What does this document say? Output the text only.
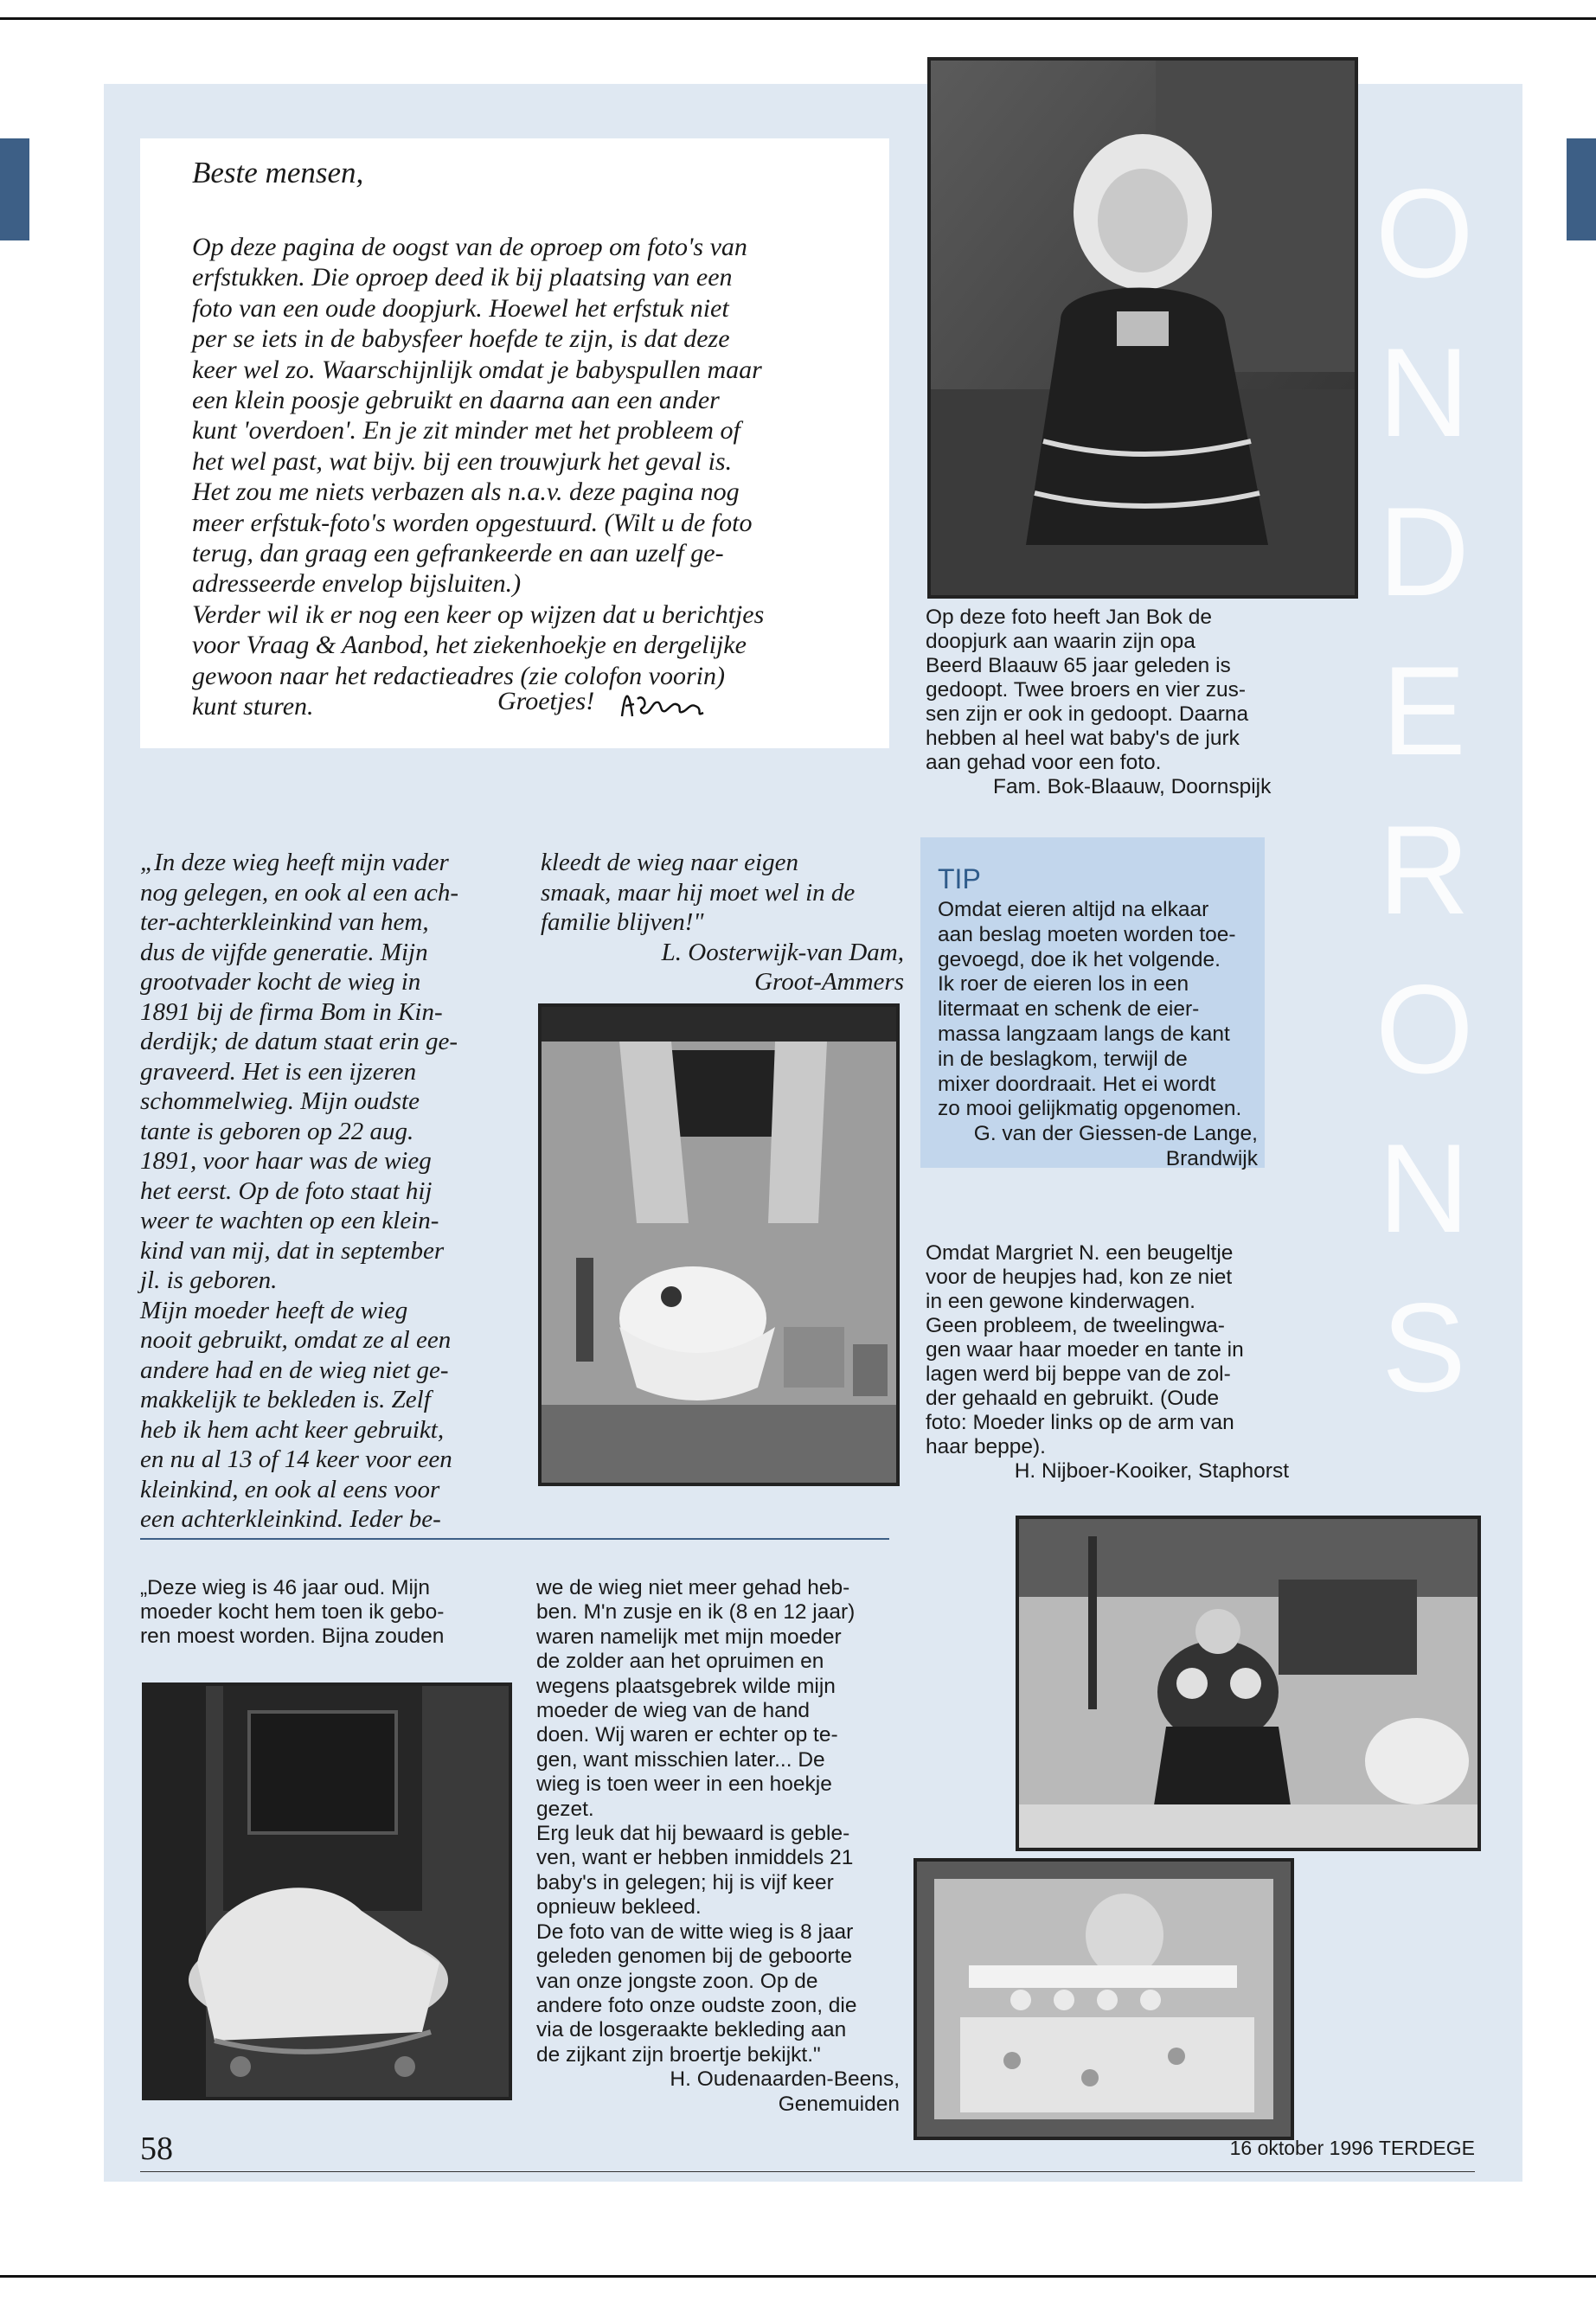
O
N
D
E
R
O
N
S
Beste mensen,

Op deze pagina de oogst van de oproep om foto's van
erfstukken. Die oproep deed ik bij plaatsing van een
foto van een oude doopjurk. Hoewel het erfstuk niet
per se iets in de babysfeer hoefde te zijn, is dat deze
keer wel zo. Waarschijnlijk omdat je babyspullen maar
een klein poosje gebruikt en daarna aan een ander
kunt 'overdoen'. En je zit minder met het probleem of
het wel past, wat bijv. bij een trouwjurk het geval is.
Het zou me niets verbazen als n.a.v. deze pagina nog
meer erfstuk-foto's worden opgestuurd. (Wilt u de foto
terug, dan graag een gefrankeerde en aan uzelf ge-
adresseerde envelop bijsluiten.)
Verder wil ik er nog een keer op wijzen dat u berichtjes
voor Vraag & Aanbod, het ziekenhoekje en dergelijke
gewoon naar het redactieadres (zie colofon voorin)
kunt sturen.	Groetjes!

Op deze foto heeft Jan Bok de
doopjurk aan waarin zijn opa
Beerd Blaauw 65 jaar geleden is
gedoopt. Twee broers en vier zus-
sen zijn er ook in gedoopt. Daarna
hebben al heel wat baby's de jurk
aan gehad voor een foto.

Fam. Bok-Blaauw, Doornspijk

„In deze wieg heeft mijn vader
nog gelegen, en ook al een ach-
ter-achterkleinkind van hem,
dus de vijfde generatie. Mijn
grootvader kocht de wieg in
1891 bij de firma Bom in Kin-
derdijk; de datum staat erin ge-
graveerd. Het is een ijzeren
schommelwieg. Mijn oudste
tante is geboren op 22 aug.
1891, voor haar was de wieg
het eerst. Op de foto staat hij
weer te wachten op een klein-
kind van mij, dat in september
jl. is geboren.
Mijn moeder heeft de wieg
nooit gebruikt, omdat ze al een
andere had en de wieg niet ge-
makkelijk te bekleden is. Zelf
heb ik hem acht keer gebruikt,
en nu al 13 of 14 keer voor een
kleinkind, en ook al eens voor
een achterkleinkind. Ieder be-

kleedt de wieg naar eigen
smaak, maar hij moet wel in de
familie blijven!"

L. Oosterwijk-van Dam,
Groot-Ammers

TIP

Omdat eieren altijd na elkaar
aan beslag moeten worden toe-
gevoegd, doe ik het volgende.
Ik roer de eieren los in een
litermaat en schenk de eier-
massa langzaam langs de kant
in de beslagkom, terwijl de
mixer doordraait. Het ei wordt
zo mooi gelijkmatig opgenomen.

G. van der Giessen-de Lange,
Brandwijk

Omdat Margriet N. een beugeltje
voor de heupjes had, kon ze niet
in een gewone kinderwagen.
Geen probleem, de tweelingwa-
gen waar haar moeder en tante in
lagen werd bij beppe van de zol-
der gehaald en gebruikt. (Oude
foto: Moeder links op de arm van
haar beppe).

H. Nijboer-Kooiker, Staphorst

„Deze wieg is 46 jaar oud. Mijn
moeder kocht hem toen ik gebo-
ren moest worden. Bijna zouden

we de wieg niet meer gehad heb-
ben. M'n zusje en ik (8 en 12 jaar)
waren namelijk met mijn moeder
de zolder aan het opruimen en
wegens plaatsgebrek wilde mijn
moeder de wieg van de hand
doen. Wij waren er echter op te-
gen, want misschien later... De
wieg is toen weer in een hoekje
gezet.
Erg leuk dat hij bewaard is geble-
ven, want er hebben inmiddels 21
baby's in gelegen; hij is vijf keer
opnieuw bekleed.
De foto van de witte wieg is 8 jaar
geleden genomen bij de geboorte
van onze jongste zoon. Op de
andere foto onze oudste zoon, die
via de losgeraakte bekleding aan
de zijkant zijn broertje bekijkt."

H. Oudenaarden-Beens,
Genemuiden

58	16 oktober 1996 TERDEGE
